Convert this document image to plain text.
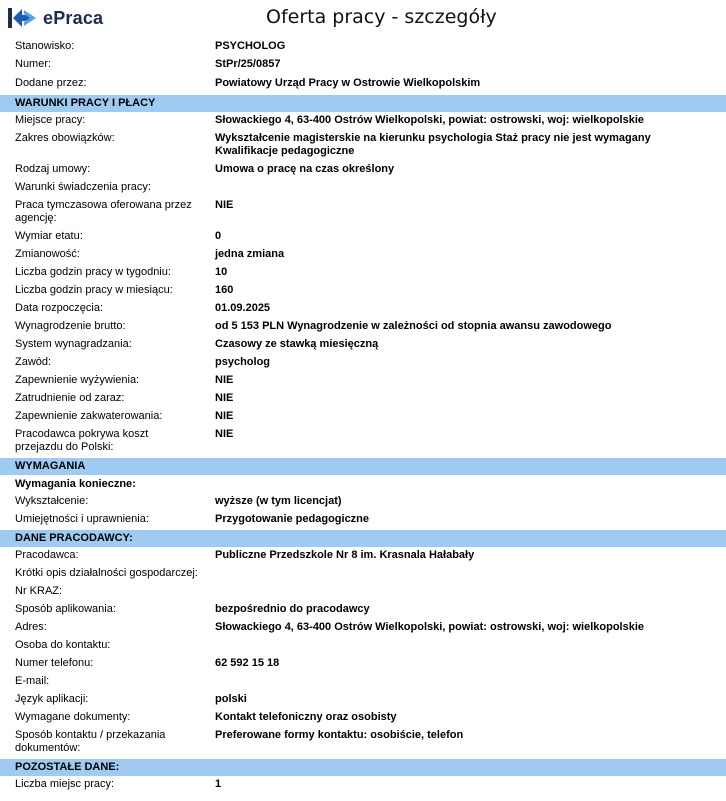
ePraca	Oferta pracy - szczegóły
Stanowisko:	PSYCHOLOG
Numer:	StPr/25/0857
Dodane przez:	Powiatowy Urząd Pracy w Ostrowie Wielkopolskim
WARUNKI PRACY I PŁACY
Miejsce pracy:	Słowackiego 4, 63-400 Ostrów Wielkopolski, powiat: ostrowski, woj: wielkopolskie
Zakres obowiązków:	Wykształcenie magisterskie na kierunku psychologia Staż pracy nie jest wymagany Kwalifikacje pedagogiczne
Rodzaj umowy:	Umowa o pracę na czas określony
Warunki świadczenia pracy:
Praca tymczasowa oferowana przez agencję:
NIE
Wymiar etatu:	0
Zmianowość:	jedna zmiana
Liczba godzin pracy w tygodniu:	10
Liczba godzin pracy w miesiącu:	160
Data rozpoczęcia:	01.09.2025
Wynagrodzenie brutto:	od 5 153 PLN Wynagrodzenie w zależności od stopnia awansu zawodowego
System wynagradzania:	Czasowy ze stawką miesięczną
Zawód:	psycholog
Zapewnienie wyżywienia:	NIE
Zatrudnienie od zaraz:	NIE
Zapewnienie zakwaterowania:	NIE
Pracodawca pokrywa koszt przejazdu do Polski:
NIE
WYMAGANIA
Wymagania konieczne:
Wykształcenie:	wyższe (w tym licencjat)
Umiejętności i uprawnienia:	Przygotowanie pedagogiczne
DANE PRACODAWCY:
Pracodawca:	Publiczne Przedszkole Nr 8 im. Krasnala Hałabały
Krótki opis działalności gospodarczej:
Nr KRAZ:
Sposób aplikowania:	bezpośrednio do pracodawcy
Adres:	Słowackiego 4, 63-400 Ostrów Wielkopolski, powiat: ostrowski, woj: wielkopolskie
Osoba do kontaktu:
Numer telefonu:	62 592 15 18
E-mail:
Język aplikacji:	polski
Wymagane dokumenty:	Kontakt telefoniczny oraz osobisty
Sposób kontaktu / przekazania dokumentów:
Preferowane formy kontaktu: osobiście, telefon
POZOSTAŁE DANE:
Liczba miejsc pracy:	1
